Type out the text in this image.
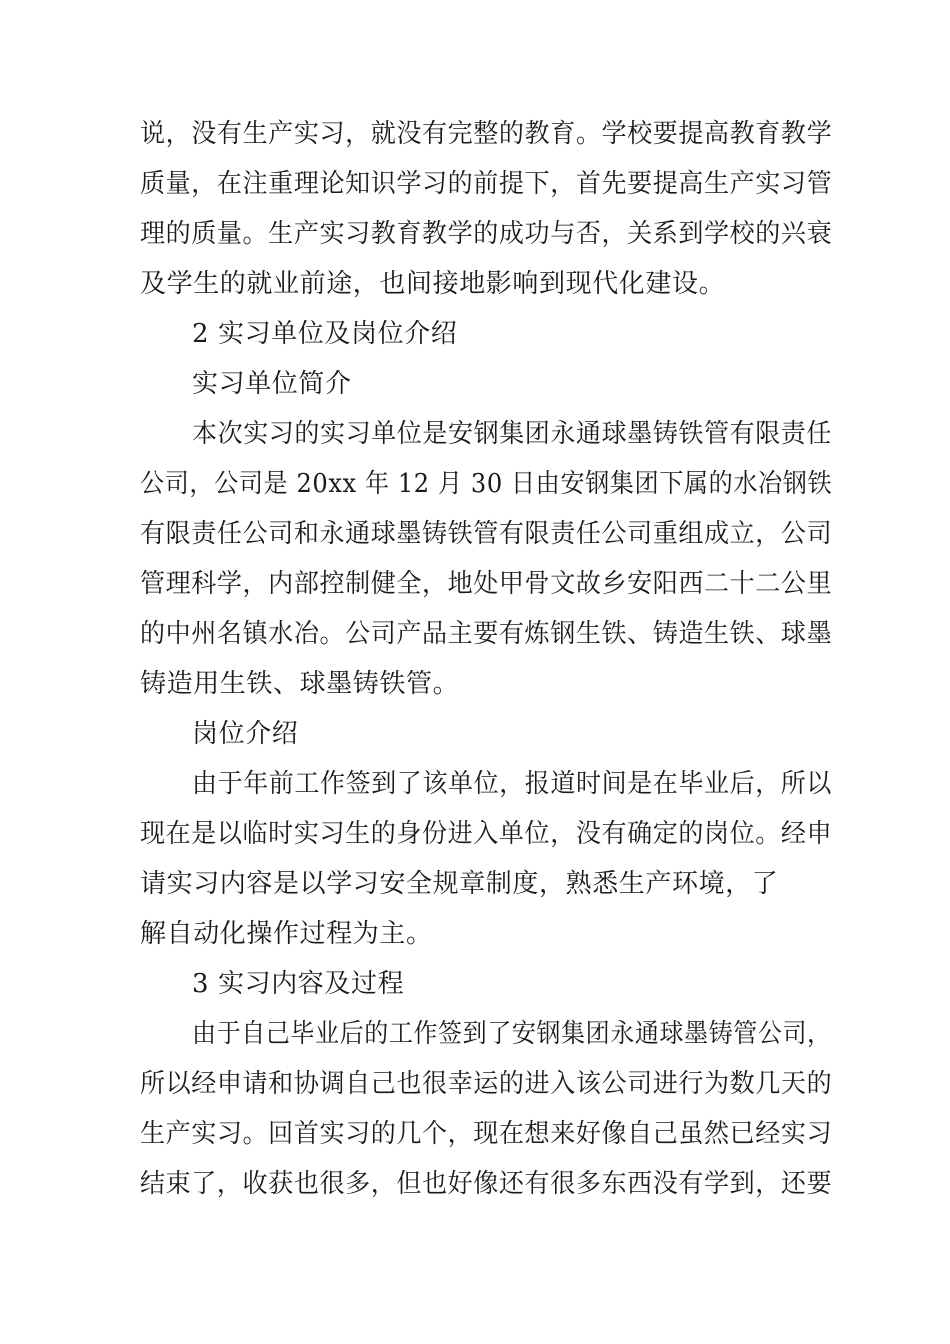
说，没有生产实习，就没有完整的教育。学校要提高教育教学
质量，在注重理论知识学习的前提下，首先要提高生产实习管
理的质量。生产实习教育教学的成功与否，关系到学校的兴衰
及学生的就业前途，也间接地影响到现代化建设。
2 实习单位及岗位介绍
实习单位简介
本次实习的实习单位是安钢集团永通球墨铸铁管有限责任
公司，公司是 20xx 年 12 月 30 日由安钢集团下属的水冶钢铁
有限责任公司和永通球墨铸铁管有限责任公司重组成立，公司
管理科学，内部控制健全，地处甲骨文故乡安阳西二十二公里
的中州名镇水冶。公司产品主要有炼钢生铁、铸造生铁、球墨
铸造用生铁、球墨铸铁管。
岗位介绍
由于年前工作签到了该单位，报道时间是在毕业后，所以
现在是以临时实习生的身份进入单位，没有确定的岗位。经申
请实习内容是以学习安全规章制度，熟悉生产环境，了
解自动化操作过程为主。
3 实习内容及过程
由于自己毕业后的工作签到了安钢集团永通球墨铸管公司，
所以经申请和协调自己也很幸运的进入该公司进行为数几天的
生产实习。回首实习的几个，现在想来好像自己虽然已经实习
结束了，收获也很多，但也好像还有很多东西没有学到，还要
